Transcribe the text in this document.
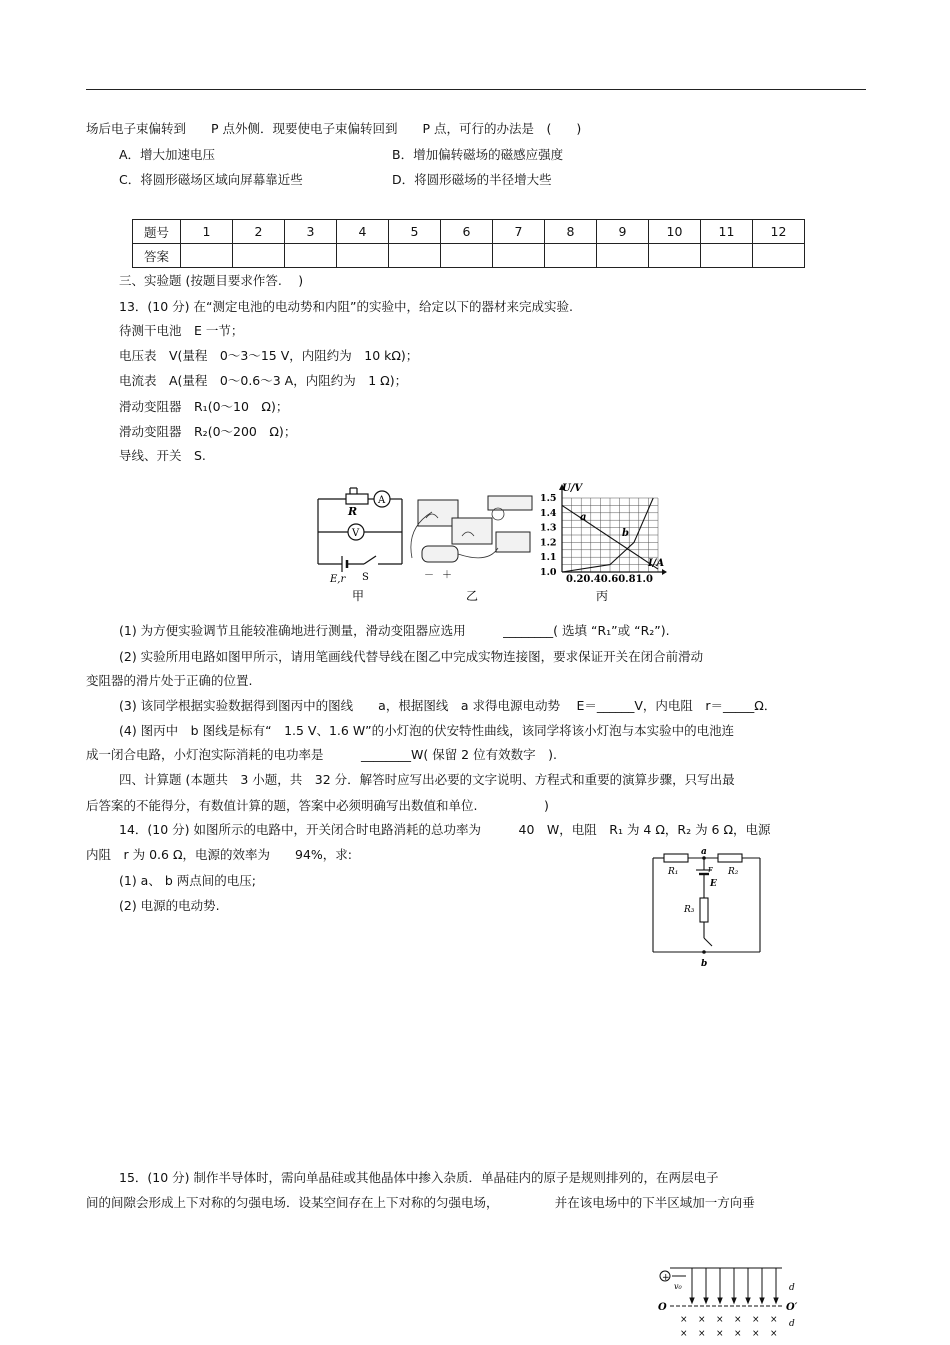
场后电子束偏转到　　P 点外侧．现要使电子束偏转回到　　P 点，可行的办法是　(　　)
A．增大加速电压	B．增加偏转磁场的磁感应强度
C．将圆形磁场区域向屏幕靠近些	D．将圆形磁场的半径增大些
题号	1	2	3	4	5	6	7	8	9	10	11	12
答案												
三、实验题 (按题目要求作答.　 )
13．(10 分) 在“测定电池的电动势和内阻”的实验中，给定以下的器材来完成实验.
待测干电池　E 一节；
电压表　V(量程　0～3～15 V，内阻约为　10 kΩ)；
电流表　A(量程　0～0.6～3 A，内阻约为　1 Ω)；
滑动变阻器　R₁(0～10　Ω)；
滑动变阻器　R₂(0～200　Ω)；
导线、开关　S.
R
A
V
E,r S
甲
－ ＋
乙
U/V
I/A
1.0
1.1
1.2
1.3
1.4
1.5
0.20.40.60.81.0
a
b
丙
(1) 为方便实验调节且能较准确地进行测量，滑动变阻器应选用　　　________( 选填 “R₁”或 “R₂”).
(2) 实验所用电路如图甲所示，请用笔画线代替导线在图乙中完成实物连接图，要求保证开关在闭合前滑动
变阻器的滑片处于正确的位置.
(3) 该同学根据实验数据得到图丙中的图线　　a，根据图线　a 求得电源电动势　 E＝______V，内电阻　r＝_____Ω．
(4) 图丙中　b 图线是标有“　1.5 V、1.6 W”的小灯泡的伏安特性曲线，该同学将该小灯泡与本实验中的电池连
成一闭合电路，小灯泡实际消耗的电功率是　　　________W( 保留 2 位有效数字　).
四、计算题 (本题共　3 小题，共　32 分．解答时应写出必要的文字说明、方程式和重要的演算步骤，只写出最
后答案的不能得分，有数值计算的题，答案中必须明确写出数值和单位.　　　　　 )
14．(10 分) 如图所示的电路中，开关闭合时电路消耗的总功率为　　　40　W，电阻　R₁ 为 4 Ω，R₂ 为 6 Ω，电源
内阻　r 为 0.6 Ω，电源的效率为　　94%，求:
(1) a、 b 两点间的电压;
(2) 电源的电动势.
a
b
R₁	R₂
r
E
R₃
15．(10 分) 制作半导体时，需向单晶硅或其他晶体中掺入杂质．单晶硅内的原子是规则排列的，在两层电子
间的间隙会形成上下对称的匀强电场．设某空间存在上下对称的匀强电场，　　　　　并在该电场中的下半区域加一方向垂
+
v₀
O	O′
d
d
× × × × × ×
× × × × × ×
